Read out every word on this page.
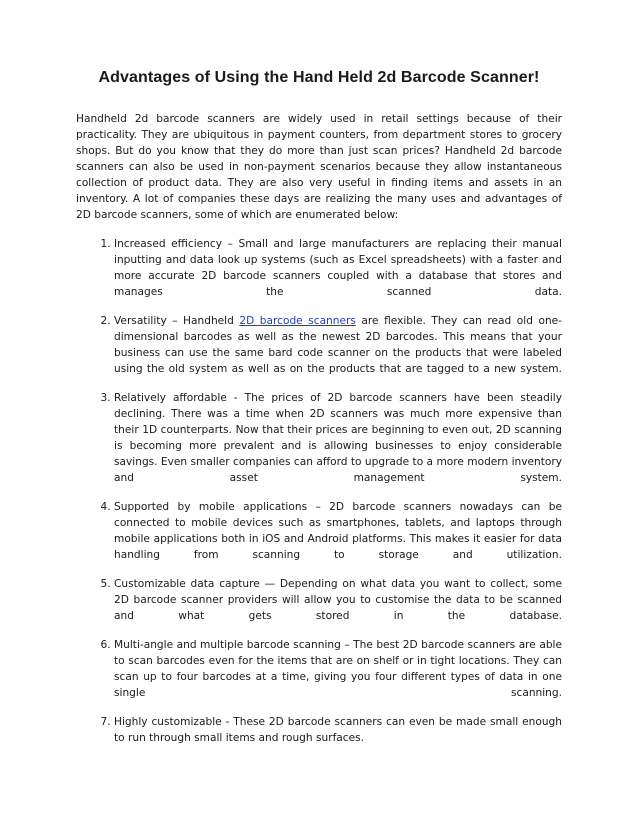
Advantages of Using the Hand Held 2d Barcode Scanner!

Handheld 2d barcode scanners are widely used in retail settings because of their practicality. They are ubiquitous in payment counters, from department stores to grocery shops. But do you know that they do more than just scan prices? Handheld 2d barcode scanners can also be used in non-payment scenarios because they allow instantaneous collection of product data. They are also very useful in finding items and assets in an inventory. A lot of companies these days are realizing the many uses and advantages of 2D barcode scanners, some of which are enumerated below:

1. Increased efficiency – Small and large manufacturers are replacing their manual inputting and data look up systems (such as Excel spreadsheets) with a faster and more accurate 2D barcode scanners coupled with a database that stores and manages the scanned data.
2. Versatility – Handheld 2D barcode scanners are flexible. They can read old one-dimensional barcodes as well as the newest 2D barcodes. This means that your business can use the same bard code scanner on the products that were labeled using the old system as well as on the products that are tagged to a new system.
3. Relatively affordable - The prices of 2D barcode scanners have been steadily declining. There was a time when 2D scanners was much more expensive than their 1D counterparts. Now that their prices are beginning to even out, 2D scanning is becoming more prevalent and is allowing businesses to enjoy considerable savings. Even smaller companies can afford to upgrade to a more modern inventory and asset management system.
4. Supported by mobile applications – 2D barcode scanners nowadays can be connected to mobile devices such as smartphones, tablets, and laptops through mobile applications both in iOS and Android platforms. This makes it easier for data handling from scanning to storage and utilization.
5. Customizable data capture — Depending on what data you want to collect, some 2D barcode scanner providers will allow you to customise the data to be scanned and what gets stored in the database.
6. Multi-angle and multiple barcode scanning – The best 2D barcode scanners are able to scan barcodes even for the items that are on shelf or in tight locations. They can scan up to four barcodes at a time, giving you four different types of data in one single scanning.
7. Highly customizable - These 2D barcode scanners can even be made small enough to run through small items and rough surfaces.
